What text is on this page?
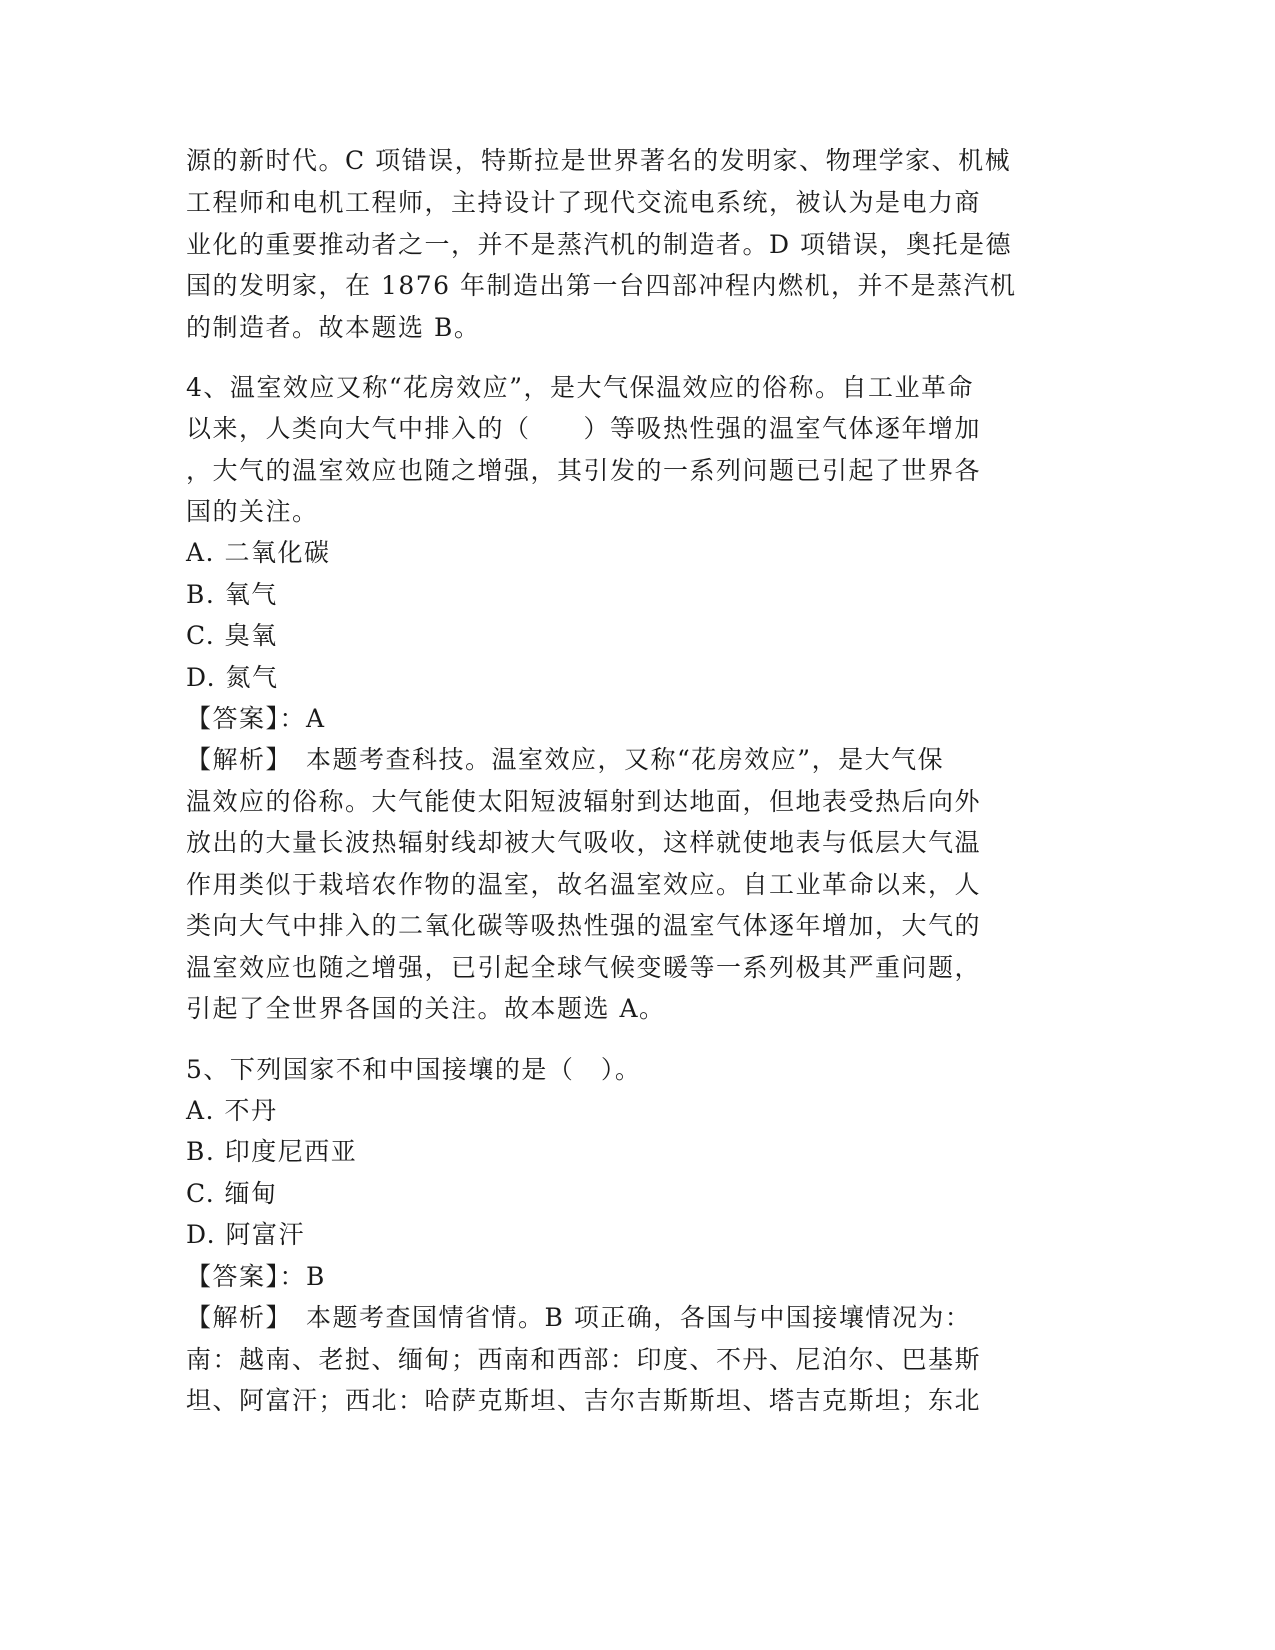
源的新时代。C 项错误，特斯拉是世界著名的发明家、物理学家、机械

工程师和电机工程师，主持设计了现代交流电系统，被认为是电力商

业化的重要推动者之一，并不是蒸汽机的制造者。D 项错误，奥托是德

国的发明家，在 1876 年制造出第一台四部冲程内燃机，并不是蒸汽机

的制造者。故本题选 B。

4、温室效应又称“花房效应”，是大气保温效应的俗称。自工业革命

以来，人类向大气中排入的（　　）等吸热性强的温室气体逐年增加

，大气的温室效应也随之增强，其引发的一系列问题已引起了世界各

国的关注。

A. 二氧化碳

B. 氧气

C. 臭氧

D. 氮气

【答案】：A

【解析】　本题考查科技。温室效应，又称“花房效应”，是大气保

温效应的俗称。大气能使太阳短波辐射到达地面，但地表受热后向外

放出的大量长波热辐射线却被大气吸收，这样就使地表与低层大气温

作用类似于栽培农作物的温室，故名温室效应。自工业革命以来，人

类向大气中排入的二氧化碳等吸热性强的温室气体逐年增加，大气的

温室效应也随之增强，已引起全球气候变暖等一系列极其严重问题，

引起了全世界各国的关注。故本题选 A。

5、下列国家不和中国接壤的是（　）。

A. 不丹

B. 印度尼西亚

C. 缅甸

D. 阿富汗

【答案】：B

【解析】　本题考查国情省情。B 项正确，各国与中国接壤情况为：

南：越南、老挝、缅甸；西南和西部：印度、不丹、尼泊尔、巴基斯

坦、阿富汗；西北：哈萨克斯坦、吉尔吉斯斯坦、塔吉克斯坦；东北
